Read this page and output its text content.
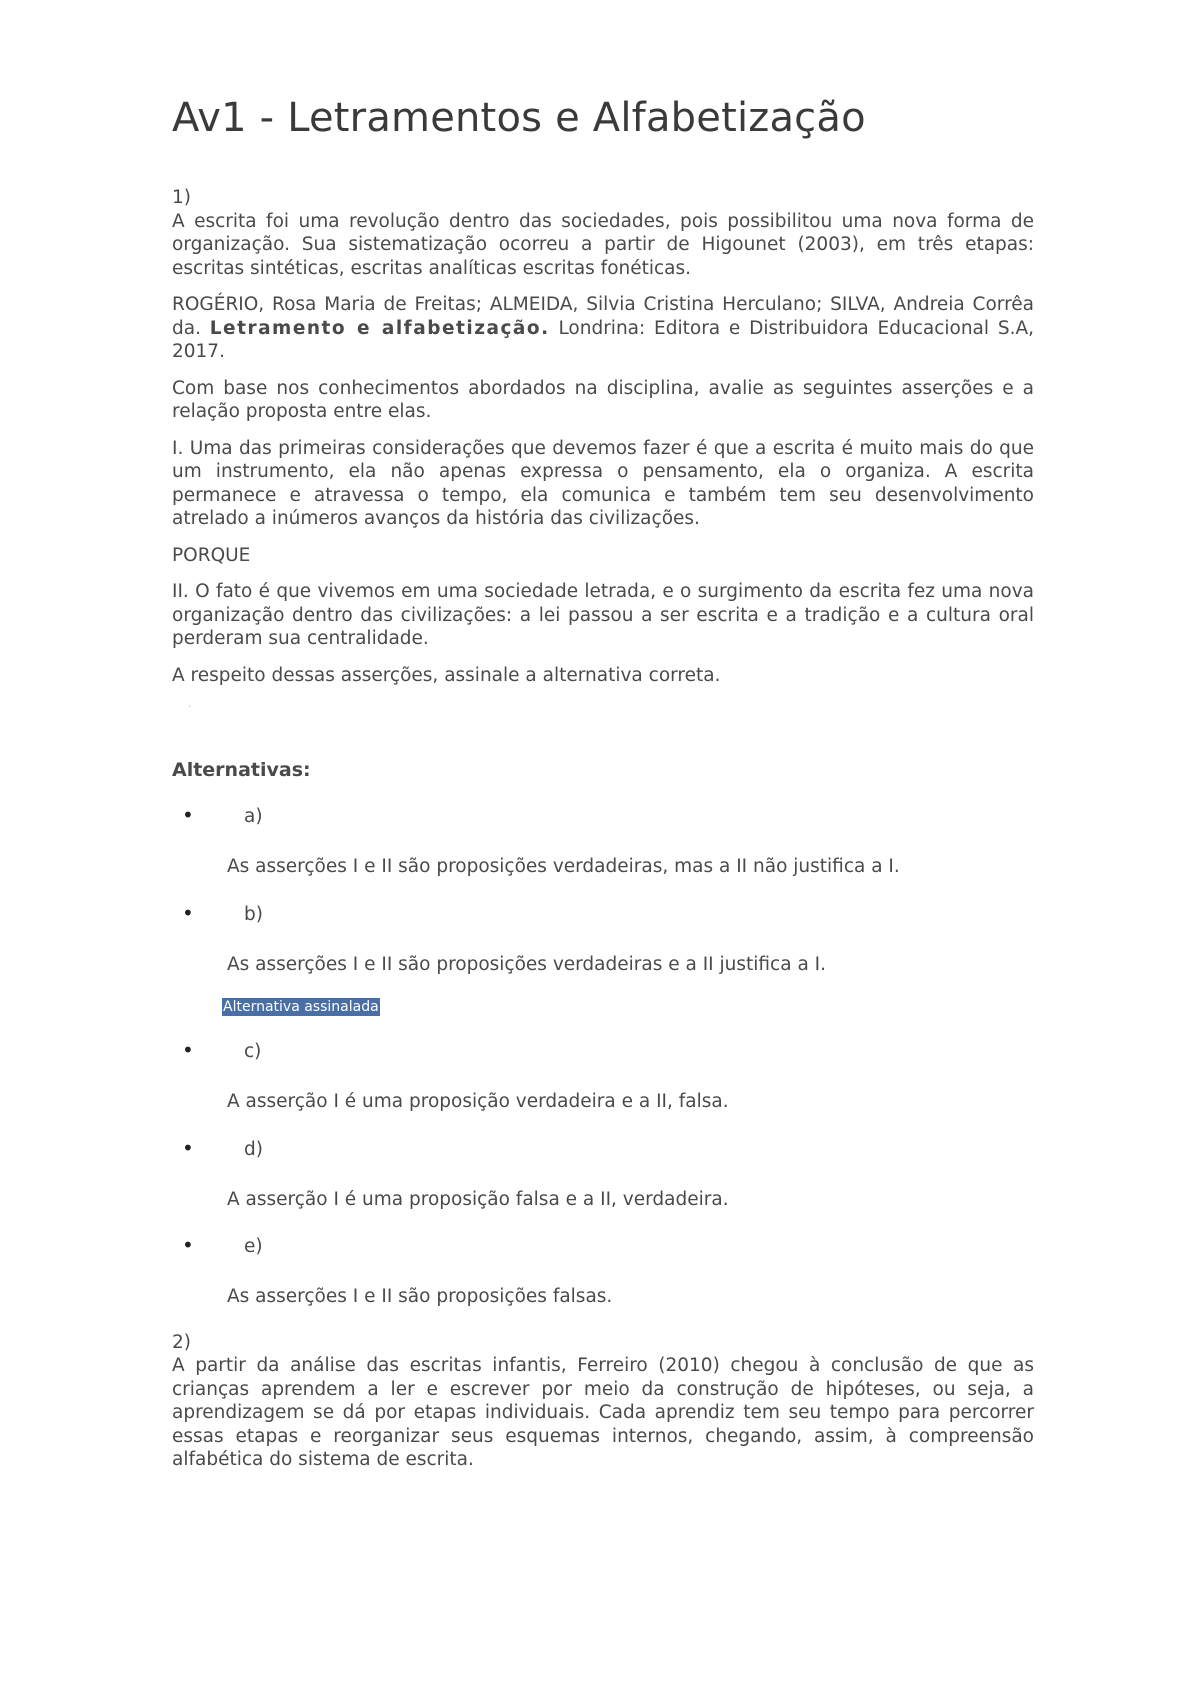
Av1 - Letramentos e Alfabetização

1)

A escrita foi uma revolução dentro das sociedades, pois possibilitou uma nova forma de organização. Sua sistematização ocorreu a partir de Higounet (2003), em três etapas: escritas sintéticas, escritas analíticas escritas fonéticas.

ROGÉRIO, Rosa Maria de Freitas; ALMEIDA, Silvia Cristina Herculano; SILVA, Andreia Corrêa da. Letramento e alfabetização. Londrina: Editora e Distribuidora Educacional S.A, 2017.

Com base nos conhecimentos abordados na disciplina, avalie as seguintes asserções e a relação proposta entre elas.

I. Uma das primeiras considerações que devemos fazer é que a escrita é muito mais do que um instrumento, ela não apenas expressa o pensamento, ela o organiza. A escrita permanece e atravessa o tempo, ela comunica e também tem seu desenvolvimento atrelado a inúmeros avanços da história das civilizações.

PORQUE

II. O fato é que vivemos em uma sociedade letrada, e o surgimento da escrita fez uma nova organização dentro das civilizações: a lei passou a ser escrita e a tradição e a cultura oral perderam sua centralidade.

A respeito dessas asserções, assinale a alternativa correta.

.
Alternativas:
•	a)
As asserções I e II são proposições verdadeiras, mas a II não justifica a I.
•	b)
As asserções I e II são proposições verdadeiras e a II justifica a I.
Alternativa assinalada
•	c)
A asserção I é uma proposição verdadeira e a II, falsa.
•	d)
A asserção I é uma proposição falsa e a II, verdadeira.
•	e)
As asserções I e II são proposições falsas.

2)

A partir da análise das escritas infantis, Ferreiro (2010) chegou à conclusão de que as crianças aprendem a ler e escrever por meio da construção de hipóteses, ou seja, a aprendizagem se dá por etapas individuais. Cada aprendiz tem seu tempo para percorrer essas etapas e reorganizar seus esquemas internos, chegando, assim, à compreensão alfabética do sistema de escrita.
